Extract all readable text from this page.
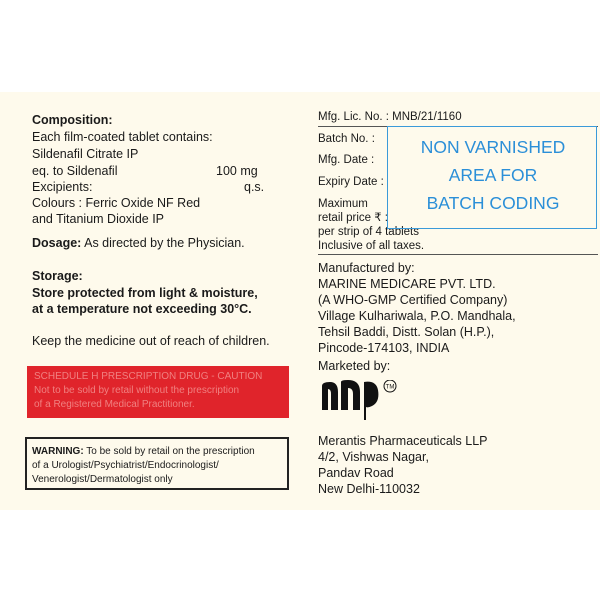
Composition:
Each film-coated tablet contains:
Sildenafil Citrate IP
eq. to Sildenafil	100 mg
Excipients:	q.s.
Colours : Ferric Oxide NF Red
and Titanium Dioxide IP
Dosage: As directed by the Physician.
Storage:
Store protected from light & moisture,
at a temperature not exceeding 30°C.
Keep the medicine out of reach of children.
SCHEDULE H PRESCRIPTION DRUG - CAUTION
Not to be sold by retail without the prescription
of a Registered Medical Practitioner.
WARNING: To be sold by retail on the prescription
of a Urologist/Psychiatrist/Endocrinologist/
Venerologist/Dermatologist only
Mfg. Lic. No. : MNB/21/1160
Batch No. :
Mfg. Date :
Expiry Date :
Maximum
retail price ₹ :
per strip of 4 tablets
Inclusive of all taxes.
NON VARNISHED
AREA FOR
BATCH CODING
Manufactured by:
MARINE MEDICARE PVT. LTD.
(A WHO-GMP Certified Company)
Village Kulhariwala, P.O. Mandhala,
Tehsil Baddi, Distt. Solan (H.P.),
Pincode-174103, INDIA
Marketed by:
TM
Merantis Pharmaceuticals LLP
4/2, Vishwas Nagar,
Pandav Road
New Delhi-110032
